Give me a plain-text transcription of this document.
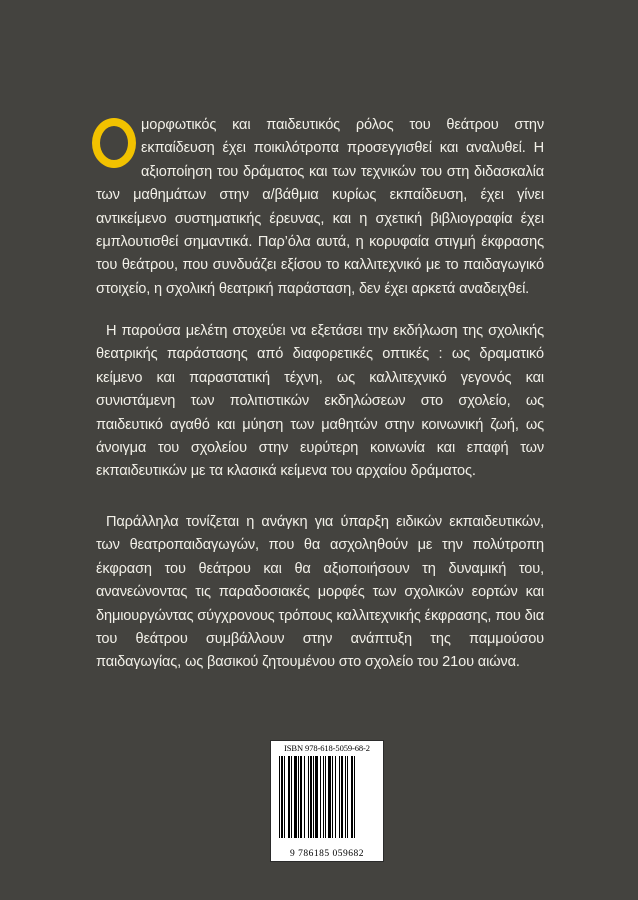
μορφωτικός και παιδευτικός ρόλος του θεάτρου στην εκπαίδευση έχει ποικιλότροπα προσεγγισθεί και αναλυθεί. Η αξιοποίηση του δράματος και των τεχνικών του στη διδασκαλία των μαθημάτων στην α/βάθμια κυρίως εκπαίδευση, έχει γίνει αντικείμενο συστηματικής έρευνας, και η σχετική βιβλιογραφία έχει εμπλουτισθεί σημαντικά. Παρ’όλα αυτά, η κορυφαία στιγμή έκφρασης του θεάτρου, που συνδυάζει εξίσου το καλλιτεχνικό με το παιδαγωγικό στοιχείο, η σχολική θεατρική παράσταση, δεν έχει αρκετά αναδειχθεί.
Η παρούσα μελέτη στοχεύει να εξετάσει την εκδήλωση της σχολικής θεατρικής παράστασης από διαφορετικές οπτικές : ως δραματικό κείμενο και παραστατική τέχνη, ως καλλιτεχνικό γεγονός και συνιστάμενη των πολιτιστικών εκδηλώσεων στο σχολείο, ως παιδευτικό αγαθό και μύηση των μαθητών στην κοινωνική ζωή, ως άνοιγμα του σχολείου στην ευρύτερη κοινωνία και επαφή των εκπαιδευτικών με τα κλασικά κείμενα του αρχαίου δράματος.
Παράλληλα τονίζεται η ανάγκη για ύπαρξη ειδικών εκπαιδευτικών, των θεατροπαιδαγωγών, που θα ασχοληθούν με την πολύτροπη έκφραση του θεάτρου και θα αξιοποιήσουν τη δυναμική του, ανανεώνοντας τις παραδοσιακές μορφές των σχολικών εορτών και δημιουργώντας σύγχρονους τρόπους καλλιτεχνικής έκφρασης, που δια του θεάτρου συμβάλλουν στην ανάπτυξη της παμμούσου παιδαγωγίας, ως βασικού ζητουμένου στο σχολείο του 21ου αιώνα.
ISBN 978-618-5059-68-2
9 786185 059682
